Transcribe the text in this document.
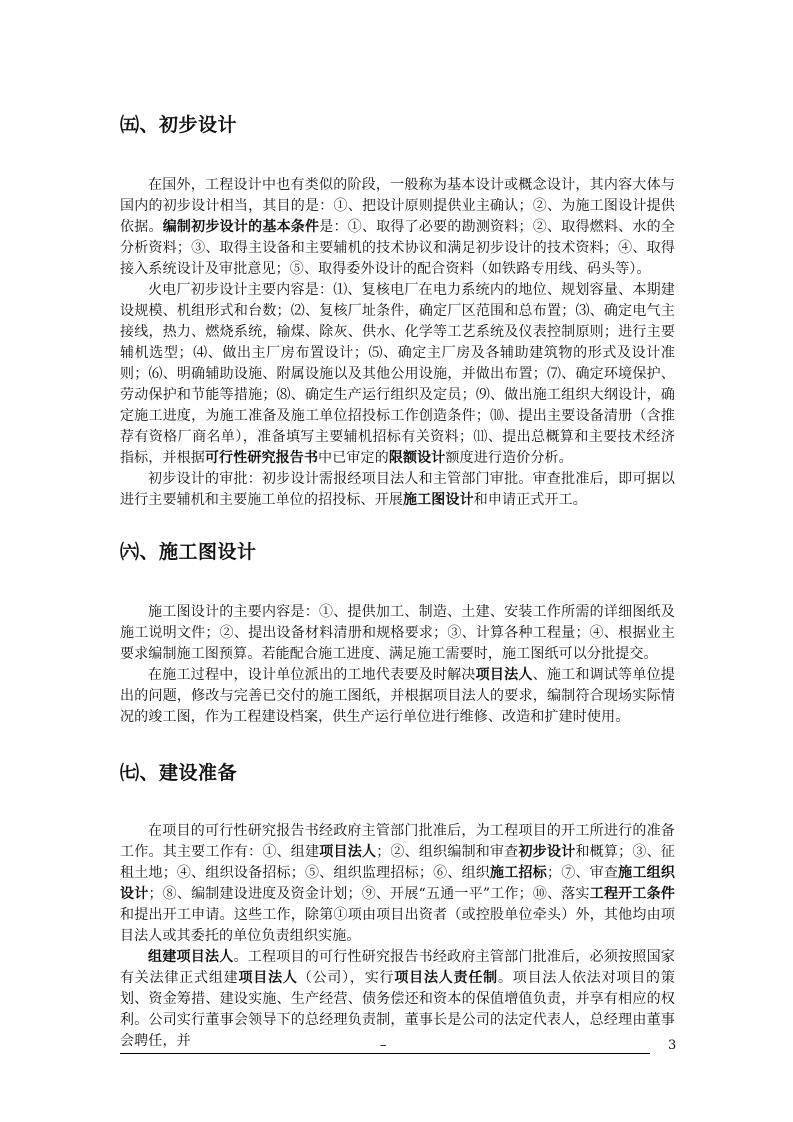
㈤、初步设计

在国外，工程设计中也有类似的阶段，一般称为基本设计或概念设计，其内容大体与国内的初步设计相当，其目的是：①、把设计原则提供业主确认；②、为施工图设计提供依据。编制初步设计的基本条件是：①、取得了必要的勘测资料；②、取得燃料、水的全分析资料；③、取得主设备和主要辅机的技术协议和满足初步设计的技术资料；④、取得接入系统设计及审批意见；⑤、取得委外设计的配合资料（如铁路专用线、码头等）。

火电厂初步设计主要内容是：⑴、复核电厂在电力系统内的地位、规划容量、本期建设规模、机组形式和台数；⑵、复核厂址条件，确定厂区范围和总布置；⑶、确定电气主接线，热力、燃烧系统，输煤、除灰、供水、化学等工艺系统及仪表控制原则；进行主要辅机选型；⑷、做出主厂房布置设计；⑸、确定主厂房及各辅助建筑物的形式及设计准则；⑹、明确辅助设施、附属设施以及其他公用设施，并做出布置；⑺、确定环境保护、劳动保护和节能等措施；⑻、确定生产运行组织及定员；⑼、做出施工组织大纲设计，确定施工进度，为施工准备及施工单位招投标工作创造条件；⑽、提出主要设备清册（含推荐有资格厂商名单），准备填写主要辅机招标有关资料；⑾、提出总概算和主要技术经济指标，并根据可行性研究报告书中已审定的限额设计额度进行造价分析。

初步设计的审批：初步设计需报经项目法人和主管部门审批。审查批准后，即可据以进行主要辅机和主要施工单位的招投标、开展施工图设计和申请正式开工。

㈥、施工图设计

施工图设计的主要内容是：①、提供加工、制造、土建、安装工作所需的详细图纸及施工说明文件；②、提出设备材料清册和规格要求；③、计算各种工程量；④、根据业主要求编制施工图预算。若能配合施工进度、满足施工需要时，施工图纸可以分批提交。

在施工过程中，设计单位派出的工地代表要及时解决项目法人、施工和调试等单位提出的问题，修改与完善已交付的施工图纸，并根据项目法人的要求，编制符合现场实际情况的竣工图，作为工程建设档案，供生产运行单位进行维修、改造和扩建时使用。

㈦、建设准备

在项目的可行性研究报告书经政府主管部门批准后，为工程项目的开工所进行的准备工作。其主要工作有：①、组建项目法人；②、组织编制和审查初步设计和概算；③、征租土地；④、组织设备招标；⑤、组织监理招标；⑥、组织施工招标；⑦、审查施工组织设计；⑧、编制建设进度及资金计划；⑨、开展“五通一平”工作；⑩、落实工程开工条件和提出开工申请。这些工作，除第①项由项目出资者（或控股单位牵头）外，其他均由项目法人或其委托的单位负责组织实施。

组建项目法人。工程项目的可行性研究报告书经政府主管部门批准后，必须按照国家有关法律正式组建项目法人（公司），实行项目法人责任制。项目法人依法对项目的策划、资金筹措、建设实施、生产经营、债务偿还和资本的保值增值负责，并享有相应的权利。公司实行董事会领导下的总经理负责制，董事长是公司的法定代表人，总经理由董事会聘任，并	–	3
